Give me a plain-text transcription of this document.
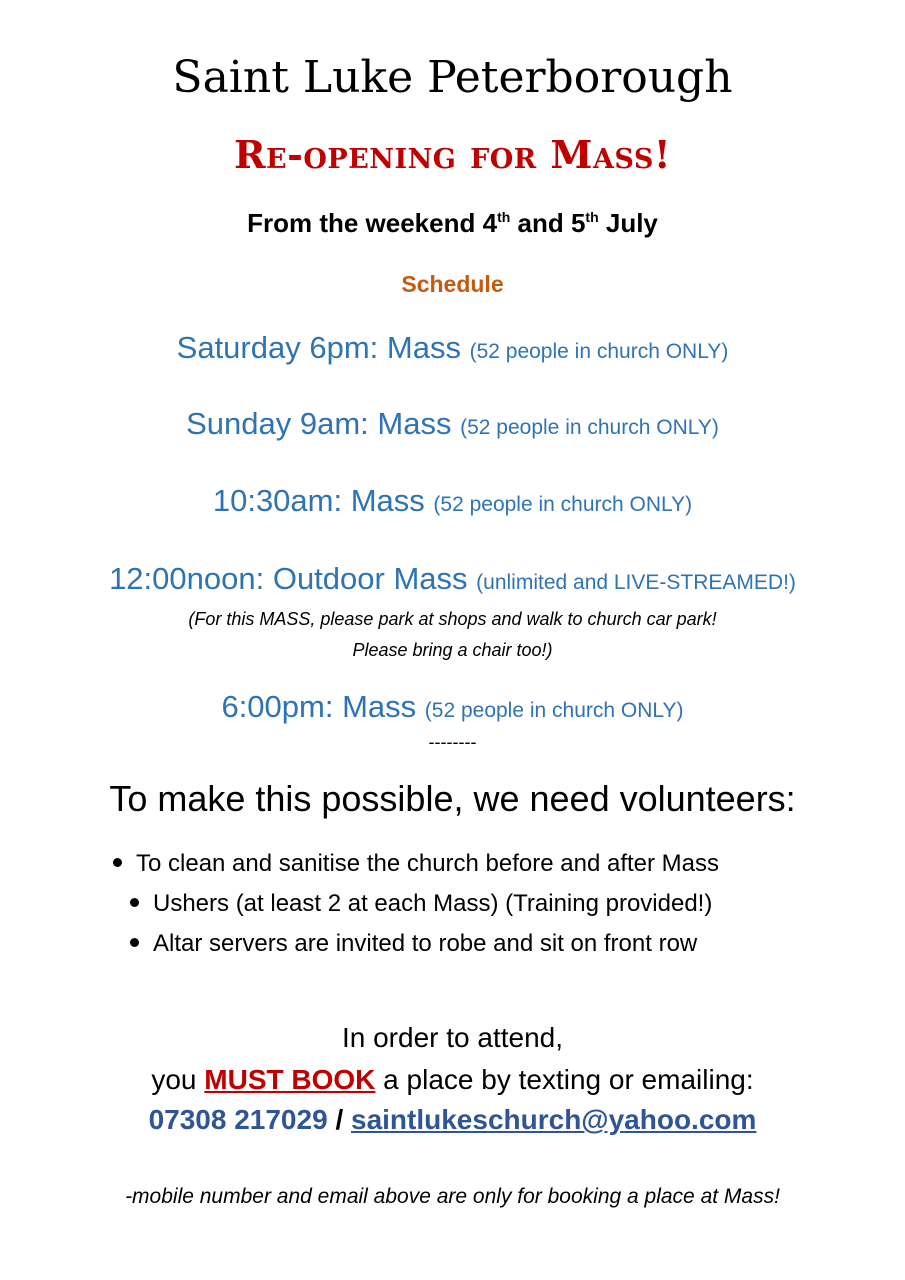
Saint Luke Peterborough
Re-opening for Mass!
From the weekend 4th and 5th July
Schedule
Saturday 6pm: Mass (52 people in church ONLY)
Sunday 9am: Mass (52 people in church ONLY)
10:30am: Mass (52 people in church ONLY)
12:00noon: Outdoor Mass (unlimited and LIVE-STREAMED!)
(For this MASS, please park at shops and walk to church car park!
Please bring a chair too!)
6:00pm: Mass (52 people in church ONLY)
--------
To make this possible, we need volunteers:
To clean and sanitise the church before and after Mass
Ushers (at least 2 at each Mass) (Training provided!)
Altar servers are invited to robe and sit on front row
In order to attend,
you MUST BOOK a place by texting or emailing:
07308 217029 / saintlukeschurch@yahoo.com
-mobile number and email above are only for booking a place at Mass!
